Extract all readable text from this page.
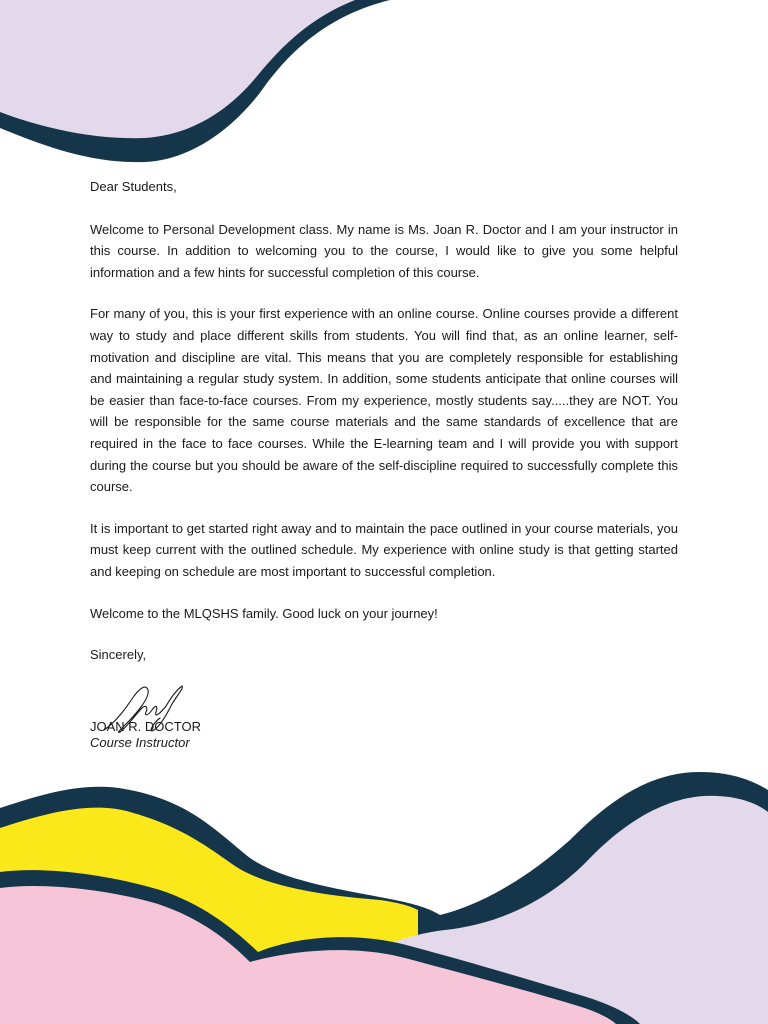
Dear Students,

Welcome to Personal Development class. My name is Ms. Joan R. Doctor and I am your instructor in this course. In addition to welcoming you to the course, I would like to give you some helpful information and a few hints for successful completion of this course.

For many of you, this is your first experience with an online course. Online courses provide a different way to study and place different skills from students. You will find that, as an online learner, self-motivation and discipline are vital. This means that you are completely responsible for establishing and maintaining a regular study system. In addition, some students anticipate that online courses will be easier than face-to-face courses. From my experience, mostly students say.....they are NOT. You will be responsible for the same course materials and the same standards of excellence that are required in the face to face courses. While the E-learning team and I will provide you with support during the course but you should be aware of the self-discipline required to successfully complete this course.

It is important to get started right away and to maintain the pace outlined in your course materials, you must keep current with the outlined schedule. My experience with online study is that getting started and keeping on schedule are most important to successful completion.

Welcome to the MLQSHS family. Good luck on your journey!

Sincerely,

JOAN R. DOCTOR

Course Instructor
